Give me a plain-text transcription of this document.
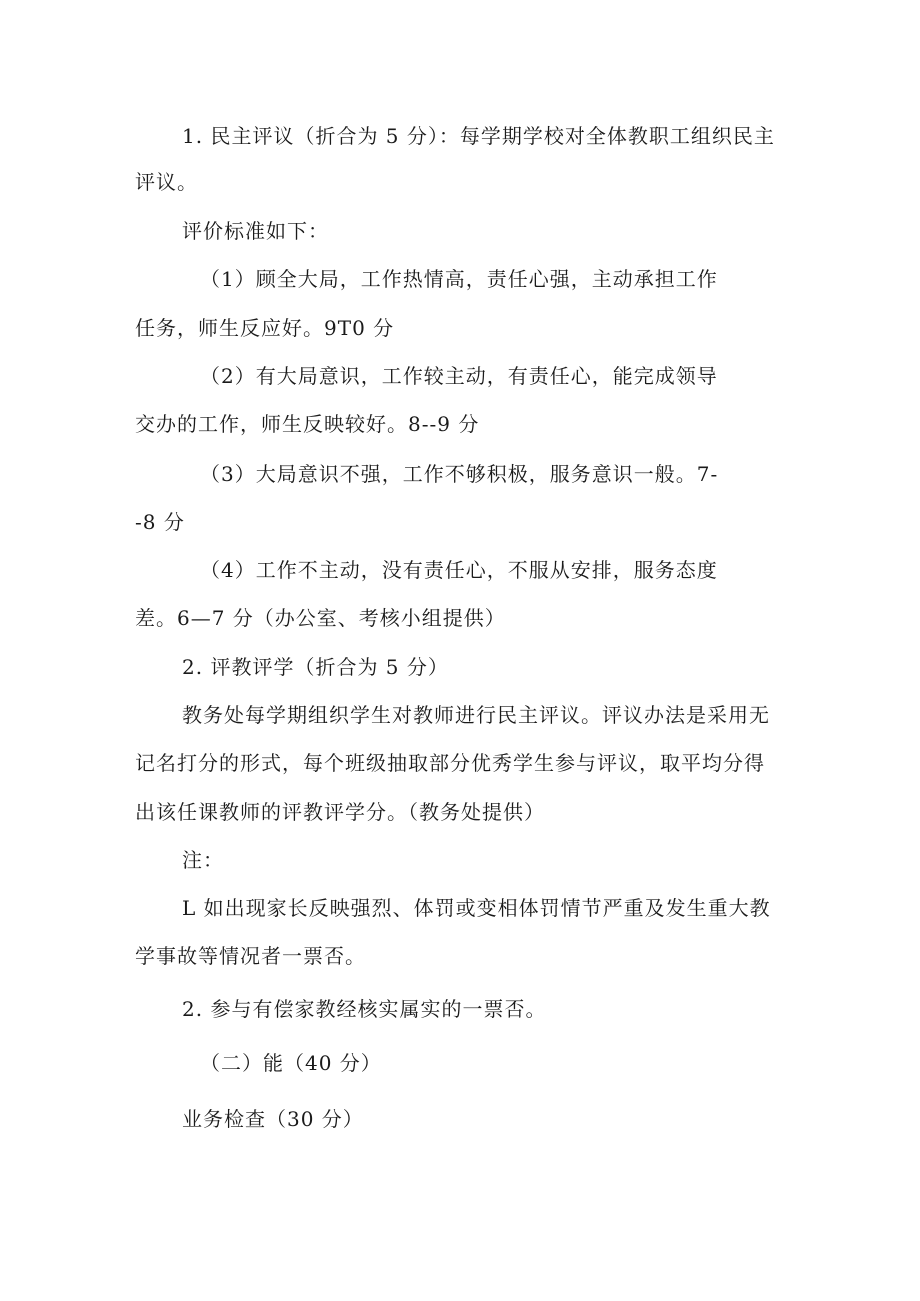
1. 民主评议（折合为 5 分）：每学期学校对全体教职工组织民主
评议。
评价标准如下：
（1）顾全大局，工作热情高，责任心强，主动承担工作
任务，师生反应好。9T0 分
（2）有大局意识，工作较主动，有责任心，能完成领导
交办的工作，师生反映较好。8--9 分
（3）大局意识不强，工作不够积极，服务意识一般。7-
-8 分
（4）工作不主动，没有责任心，不服从安排，服务态度
差。6—7 分（办公室、考核小组提供）
2. 评教评学（折合为 5 分）
教务处每学期组织学生对教师进行民主评议。评议办法是采用无
记名打分的形式，每个班级抽取部分优秀学生参与评议，取平均分得
出该任课教师的评教评学分。（教务处提供）
注：
L 如出现家长反映强烈、体罚或变相体罚情节严重及发生重大教
学事故等情况者一票否。
2. 参与有偿家教经核实属实的一票否。
（二）能（40 分）
业务检查（30 分）
